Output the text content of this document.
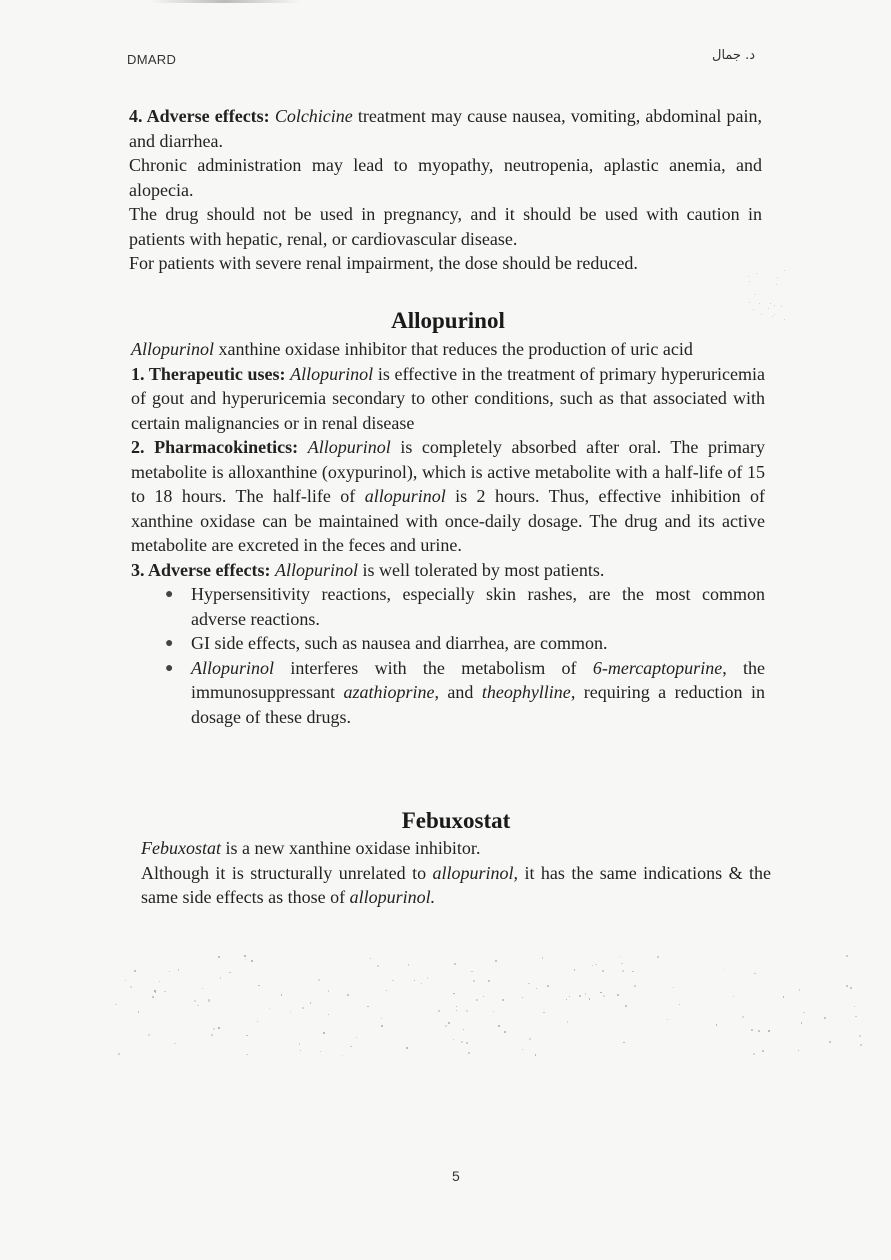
DMARD	د. جمال

4. Adverse effects: Colchicine treatment may cause nausea, vomiting, abdominal pain, and diarrhea.

Chronic administration may lead to myopathy, neutropenia, aplastic anemia, and alopecia.

The drug should not be used in pregnancy, and it should be used with caution in patients with hepatic, renal, or cardiovascular disease.

For patients with severe renal impairment, the dose should be reduced.

Allopurinol

Allopurinol xanthine oxidase inhibitor that reduces the production of uric acid

1. Therapeutic uses: Allopurinol is effective in the treatment of primary hyperuricemia of gout and hyperuricemia secondary to other conditions, such as that associated with certain malignancies or in renal disease

2. Pharmacokinetics: Allopurinol is completely absorbed after oral. The primary metabolite is alloxanthine (oxypurinol), which is active metabolite with a half-life of 15 to 18 hours. The half-life of allopurinol is 2 hours. Thus, effective inhibition of xanthine oxidase can be maintained with once-daily dosage. The drug and its active metabolite are excreted in the feces and urine.

3. Adverse effects: Allopurinol is well tolerated by most patients.

● Hypersensitivity reactions, especially skin rashes, are the most common adverse reactions.
● GI side effects, such as nausea and diarrhea, are common.
● Allopurinol interferes with the metabolism of 6-mercaptopurine, the immunosuppressant azathioprine, and theophylline, requiring a reduction in dosage of these drugs.
Febuxostat

Febuxostat is a new xanthine oxidase inhibitor.

Although it is structurally unrelated to allopurinol, it has the same indications & the same side effects as those of allopurinol.

5
